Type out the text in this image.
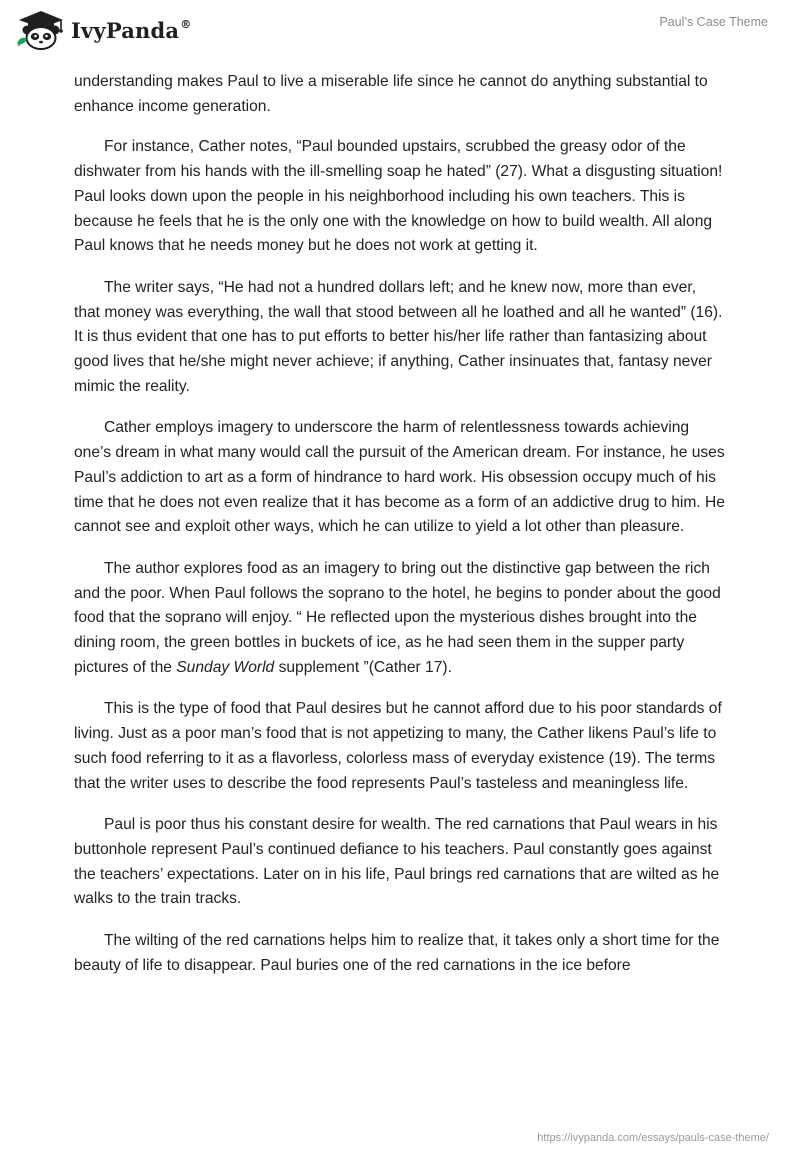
IvyPanda®	Paul’s Case Theme

understanding makes Paul to live a miserable life since he cannot do anything substantial to enhance income generation.

For instance, Cather notes, “Paul bounded upstairs, scrubbed the greasy odor of the dishwater from his hands with the ill-smelling soap he hated” (27). What a disgusting situation! Paul looks down upon the people in his neighborhood including his own teachers. This is because he feels that he is the only one with the knowledge on how to build wealth. All along Paul knows that he needs money but he does not work at getting it.

The writer says, “He had not a hundred dollars left; and he knew now, more than ever, that money was everything, the wall that stood between all he loathed and all he wanted” (16). It is thus evident that one has to put efforts to better his/her life rather than fantasizing about good lives that he/she might never achieve; if anything, Cather insinuates that, fantasy never mimic the reality.

Cather employs imagery to underscore the harm of relentlessness towards achieving one’s dream in what many would call the pursuit of the American dream. For instance, he uses Paul’s addiction to art as a form of hindrance to hard work. His obsession occupy much of his time that he does not even realize that it has become as a form of an addictive drug to him. He cannot see and exploit other ways, which he can utilize to yield a lot other than pleasure.

The author explores food as an imagery to bring out the distinctive gap between the rich and the poor. When Paul follows the soprano to the hotel, he begins to ponder about the good food that the soprano will enjoy. “ He reflected upon the mysterious dishes brought into the dining room, the green bottles in buckets of ice, as he had seen them in the supper party pictures of the Sunday World supplement ”(Cather 17).

This is the type of food that Paul desires but he cannot afford due to his poor standards of living. Just as a poor man’s food that is not appetizing to many, the Cather likens Paul’s life to such food referring to it as a flavorless, colorless mass of everyday existence (19). The terms that the writer uses to describe the food represents Paul’s tasteless and meaningless life.

Paul is poor thus his constant desire for wealth. The red carnations that Paul wears in his buttonhole represent Paul’s continued defiance to his teachers. Paul constantly goes against the teachers’ expectations. Later on in his life, Paul brings red carnations that are wilted as he walks to the train tracks.

The wilting of the red carnations helps him to realize that, it takes only a short time for the beauty of life to disappear. Paul buries one of the red carnations in the ice before

https://ivypanda.com/essays/pauls-case-theme/
